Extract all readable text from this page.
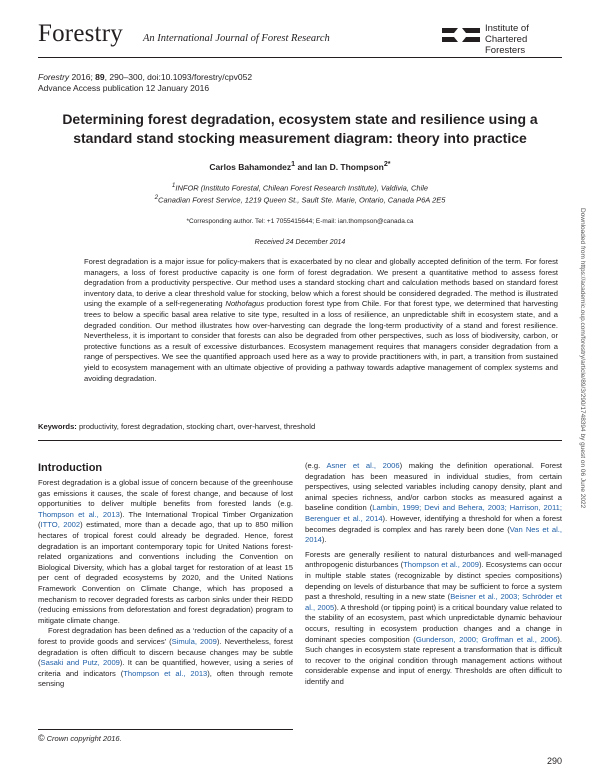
Forestry An International Journal of Forest Research
Institute of
Chartered Foresters
Forestry 2016; 89, 290–300, doi:10.1093/forestry/cpv052
Advance Access publication 12 January 2016
Determining forest degradation, ecosystem state and resilience using a standard stand stocking measurement diagram: theory into practice
Carlos Bahamondez$^1$ and Ian D. Thompson$^{2*}$
$^1$INFOR (Instituto Forestal, Chilean Forest Research Institute), Valdivia, Chile
$^2$Canadian Forest Service, 1219 Queen St., Sault Ste. Marie, Ontario, Canada P6A 2E5
*Corresponding author. Tel: +1 7055415644; E-mail: ian.thompson@canada.ca
Received 24 December 2014
Forest degradation is a major issue for policy-makers that is exacerbated by no clear and globally accepted definition of the term. For forest managers, a loss of forest productive capacity is one form of forest degradation. We present a quantitative method to assess forest degradation from a productivity perspective. Our method uses a standard stocking chart and calculation methods based on standard forest inventory data, to derive a clear threshold value for stocking, below which a forest should be considered degraded. The method is illustrated using the example of a self-regenerating Nothofagus production forest type from Chile. For that forest type, we determined that harvesting trees to below a specific basal area relative to site type, resulted in a loss of resilience, an unpredictable shift in ecosystem state, and a degraded condition. Our method illustrates how over-harvesting can degrade the long-term productivity of a stand and forest resilience. Nevertheless, it is important to consider that forests can also be degraded from other perspectives, such as loss of biodiversity, carbon, or protective functions as a result of excessive disturbances. Ecosystem management requires that managers consider degradation from a range of perspectives. We see the quantified approach used here as a way to provide practitioners with, in part, a transition from sustained yield to ecosystem management with an ultimate objective of providing a pathway towards adaptive management of complex systems and avoiding degradation.
Keywords: productivity, forest degradation, stocking chart, over-harvest, threshold
Introduction

Forest degradation is a global issue of concern because of the greenhouse gas emissions it causes, the scale of forest change, and because of lost opportunities to deliver multiple benefits from forested lands (e.g. Thompson et al., 2013). The International Tropical Timber Organization (ITTO, 2002) estimated, more than a decade ago, that up to 850 million hectares of tropical forest could already be degraded. Hence, forest degradation is an important contemporary topic for United Nations forest-related organizations and conventions including the Convention on Biological Diversity, which has a global target for restoration of at least 15 per cent of degraded ecosystems by 2020, and the United Nations Framework Convention on Climate Change, which has proposed a mechanism to recover degraded forests as carbon sinks under their REDD (reducing emissions from deforestation and forest degradation) program to mitigate climate change.

Forest degradation has been defined as a ‘reduction of the capacity of a forest to provide goods and services’ (Simula, 2009). Nevertheless, forest degradation is often difficult to discern because changes may be subtle (Sasaki and Putz, 2009). It can be quantified, however, using a series of criteria and indicators (Thompson et al., 2013), often through remote sensing

(e.g. Asner et al., 2006) making the definition operational. Forest degradation has been measured in individual studies, from certain perspectives, using selected variables including canopy density, plant and animal species richness, and/or carbon stocks as measured against a baseline condition (Lambin, 1999; Devi and Behera, 2003; Harrison, 2011; Berenguer et al., 2014). However, identifying a threshold for when a forest becomes degraded is complex and has rarely been done (Van Nes et al., 2014).

Forests are generally resilient to natural disturbances and well-managed anthropogenic disturbances (Thompson et al., 2009). Ecosystems can occur in multiple stable states (recognizable by distinct species compositions) depending on levels of disturbance that may be sufficient to force a system past a threshold, resulting in a new state (Beisner et al., 2003; Schröder et al., 2005). A threshold (or tipping point) is a critical boundary value related to the stability of an ecosystem, past which unpredictable dynamic behaviour occurs, resulting in ecosystem production changes and a change in dominant species composition (Gunderson, 2000; Groffman et al., 2006). Such changes in ecosystem state represent a transformation that is difficult to recover to the original condition through management actions without considerable expense and input of energy. Thresholds are often difficult to identify and

© Crown copyright 2016.
290
Downloaded from https://academic.oup.com/forestry/article/89/3/290/1748394 by guest on 06 June 2022
